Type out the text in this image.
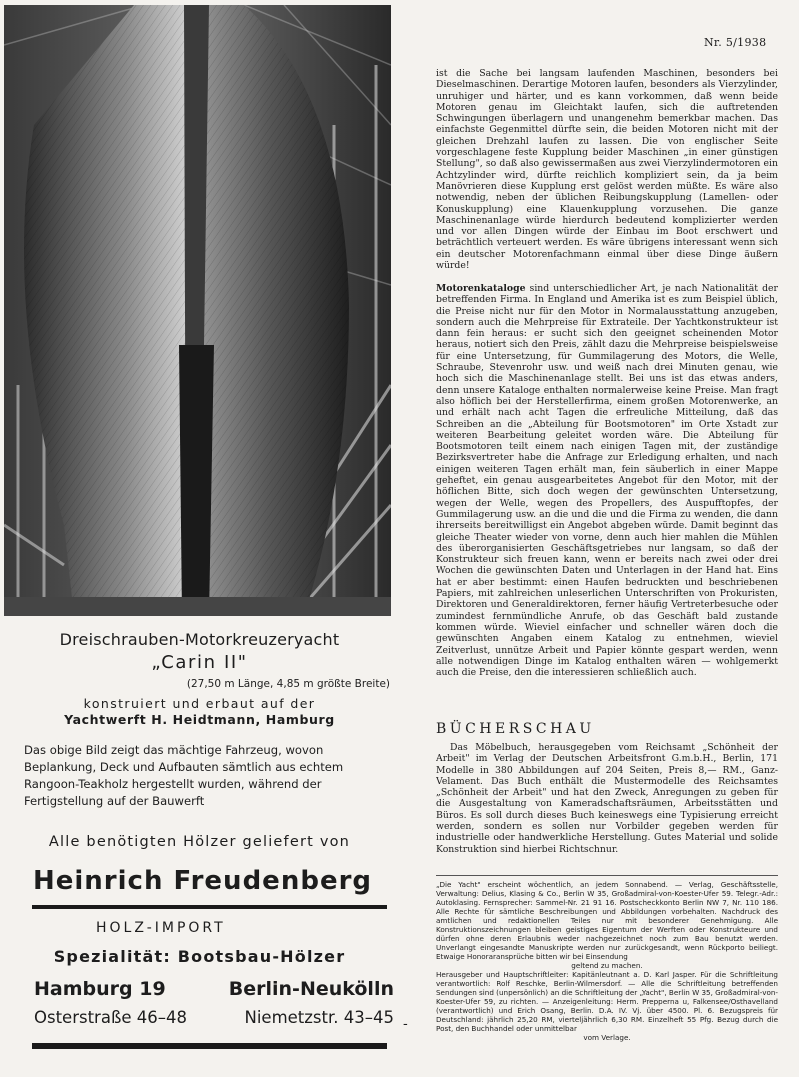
Nr. 5/1938
Dreischrauben-Motorkreuzeryacht
„Carin II"
(27,50 m Länge, 4,85 m größte Breite)
konstruiert und erbaut auf der
Yachtwerft H. Heidtmann, Hamburg
Das obige Bild zeigt das mächtige Fahrzeug, wovon Beplankung, Deck und Aufbauten sämtlich aus echtem Rangoon-Teakholz hergestellt wurden, während der Fertigstellung auf der Bauwerft
Alle benötigten Hölzer geliefert von
Heinrich Freudenberg
HOLZ-IMPORT
Spezialität: Bootsbau-Hölzer
Hamburg 19	Berlin-Neukölln
Osterstraße 46–48	Niemetzstr. 43–45 -
ist die Sache bei langsam laufenden Maschinen, besonders bei Dieselmaschinen. Derartige Motoren laufen, besonders als Vierzylinder, unruhiger und härter, und es kann vorkommen, daß wenn beide Motoren genau im Gleichtakt laufen, sich die auftretenden Schwingungen überlagern und unangenehm bemerkbar machen. Das einfachste Gegenmittel dürfte sein, die beiden Motoren nicht mit der gleichen Drehzahl laufen zu lassen. Die von englischer Seite vorgeschlagene feste Kupplung beider Maschinen „in einer günstigen Stellung", so daß also gewissermaßen aus zwei Vierzylindermotoren ein Achtzylinder wird, dürfte reichlich kompliziert sein, da ja beim Manövrieren diese Kupplung erst gelöst werden müßte. Es wäre also notwendig, neben der üblichen Reibungskupplung (Lamellen- oder Konuskupplung) eine Klauenkupplung vorzusehen. Die ganze Maschinenanlage würde hierdurch bedeutend komplizierter werden und vor allen Dingen würde der Einbau im Boot erschwert und beträchtlich verteuert werden. Es wäre übrigens interessant wenn sich ein deutscher Motorenfachmann einmal über diese Dinge äußern würde!
Motorenkataloge sind unterschiedlicher Art, je nach Nationalität der betreffenden Firma. In England und Amerika ist es zum Beispiel üblich, die Preise nicht nur für den Motor in Normalausstattung anzugeben, sondern auch die Mehrpreise für Extrateile. Der Yachtkonstrukteur ist dann fein heraus: er sucht sich den geeignet scheinenden Motor heraus, notiert sich den Preis, zählt dazu die Mehrpreise beispielsweise für eine Untersetzung, für Gummilagerung des Motors, die Welle, Schraube, Stevenrohr usw. und weiß nach drei Minuten genau, wie hoch sich die Maschinenanlage stellt. Bei uns ist das etwas anders, denn unsere Kataloge enthalten normalerweise keine Preise. Man fragt also höflich bei der Herstellerfirma, einem großen Motorenwerke, an und erhält nach acht Tagen die erfreuliche Mitteilung, daß das Schreiben an die „Abteilung für Bootsmotoren" im Orte Xstadt zur weiteren Bearbeitung geleitet worden wäre. Die Abteilung für Bootsmotoren teilt einem nach einigen Tagen mit, der zuständige Bezirksvertreter habe die Anfrage zur Erledigung erhalten, und nach einigen weiteren Tagen erhält man, fein säuberlich in einer Mappe geheftet, ein genau ausgearbeitetes Angebot für den Motor, mit der höflichen Bitte, sich doch wegen der gewünschten Untersetzung, wegen der Welle, wegen des Propellers, des Auspufftopfes, der Gummilagerung usw. an die und die und die Firma zu wenden, die dann ihrerseits bereitwilligst ein Angebot abgeben würde. Damit beginnt das gleiche Theater wieder von vorne, denn auch hier mahlen die Mühlen des überorganisierten Geschäftsgetriebes nur langsam, so daß der Konstrukteur sich freuen kann, wenn er bereits nach zwei oder drei Wochen die gewünschten Daten und Unterlagen in der Hand hat. Eins hat er aber bestimmt: einen Haufen bedruckten und beschriebenen Papiers, mit zahlreichen unleserlichen Unterschriften von Prokuristen, Direktoren und Generaldirektoren, ferner häufig Vertreterbesuche oder zumindest fernmündliche Anrufe, ob das Geschäft bald zustande kommen würde. Wieviel einfacher und schneller wären doch die gewünschten Angaben einem Katalog zu entnehmen, wieviel Zeitverlust, unnütze Arbeit und Papier könnte gespart werden, wenn alle notwendigen Dinge im Katalog enthalten wären — wohlgemerkt auch die Preise, den die interessieren schließlich auch.
BÜCHERSCHAU
Das Möbelbuch, herausgegeben vom Reichsamt „Schönheit der Arbeit" im Verlag der Deutschen Arbeitsfront G.m.b.H., Berlin, 171 Modelle in 380 Abbildungen auf 204 Seiten, Preis 8,— RM., Ganz-Velament. Das Buch enthält die Mustermodelle des Reichsamtes „Schönheit der Arbeit" und hat den Zweck, Anregungen zu geben für die Ausgestaltung von Kameradschaftsräumen, Arbeitsstätten und Büros. Es soll durch dieses Buch keineswegs eine Typisierung erreicht werden, sondern es sollen nur Vorbilder gegeben werden für industrielle oder handwerkliche Herstellung. Gutes Material und solide Konstruktion sind hierbei Richtschnur.
„Die Yacht" erscheint wöchentlich, an jedem Sonnabend. — Verlag, Geschäftsstelle, Verwaltung: Delius, Klasing & Co., Berlin W 35, Großadmiral-von-Koester-Ufer 59. Telegr.-Adr.: Autoklasing. Fernsprecher: Sammel-Nr. 21 91 16. Postscheckkonto Berlin NW 7, Nr. 110 186. Alle Rechte für sämtliche Beschreibungen und Abbildungen vorbehalten. Nachdruck des amtlichen und redaktionellen Teiles nur mit besonderer Genehmigung. Alle Konstruktionszeichnungen bleiben geistiges Eigentum der Werften oder Konstrukteure und dürfen ohne deren Erlaubnis weder nachgezeichnet noch zum Bau benutzt werden. Unverlangt eingesandte Manuskripte werden nur zurückgesandt, wenn Rückporto beiliegt. Etwaige Honoraransprüche bitten wir bei Einsendung
geltend zu machen.
Herausgeber und Hauptschriftleiter: Kapitänleutnant a. D. Karl Jasper. Für die Schriftleitung verantwortlich: Rolf Reschke, Berlin-Wilmersdorf. — Alle die Schriftleitung betreffenden Sendungen sind (unpersönlich) an die Schriftleitung der „Yacht", Berlin W 35, Großadmiral-von-Koester-Ufer 59, zu richten. — Anzeigenleitung: Herm. Prepperna u, Falkensee/Osthavelland (verantwortlich) und Erich Osang, Berlin. D.A. IV. Vj. über 4500. Pl. 6. Bezugspreis für Deutschland: jährlich 25,20 RM, vierteljährlich 6,30 RM. Einzelheft 55 Pfg. Bezug durch die Post, den Buchhandel oder unmittelbar
vom Verlage.
